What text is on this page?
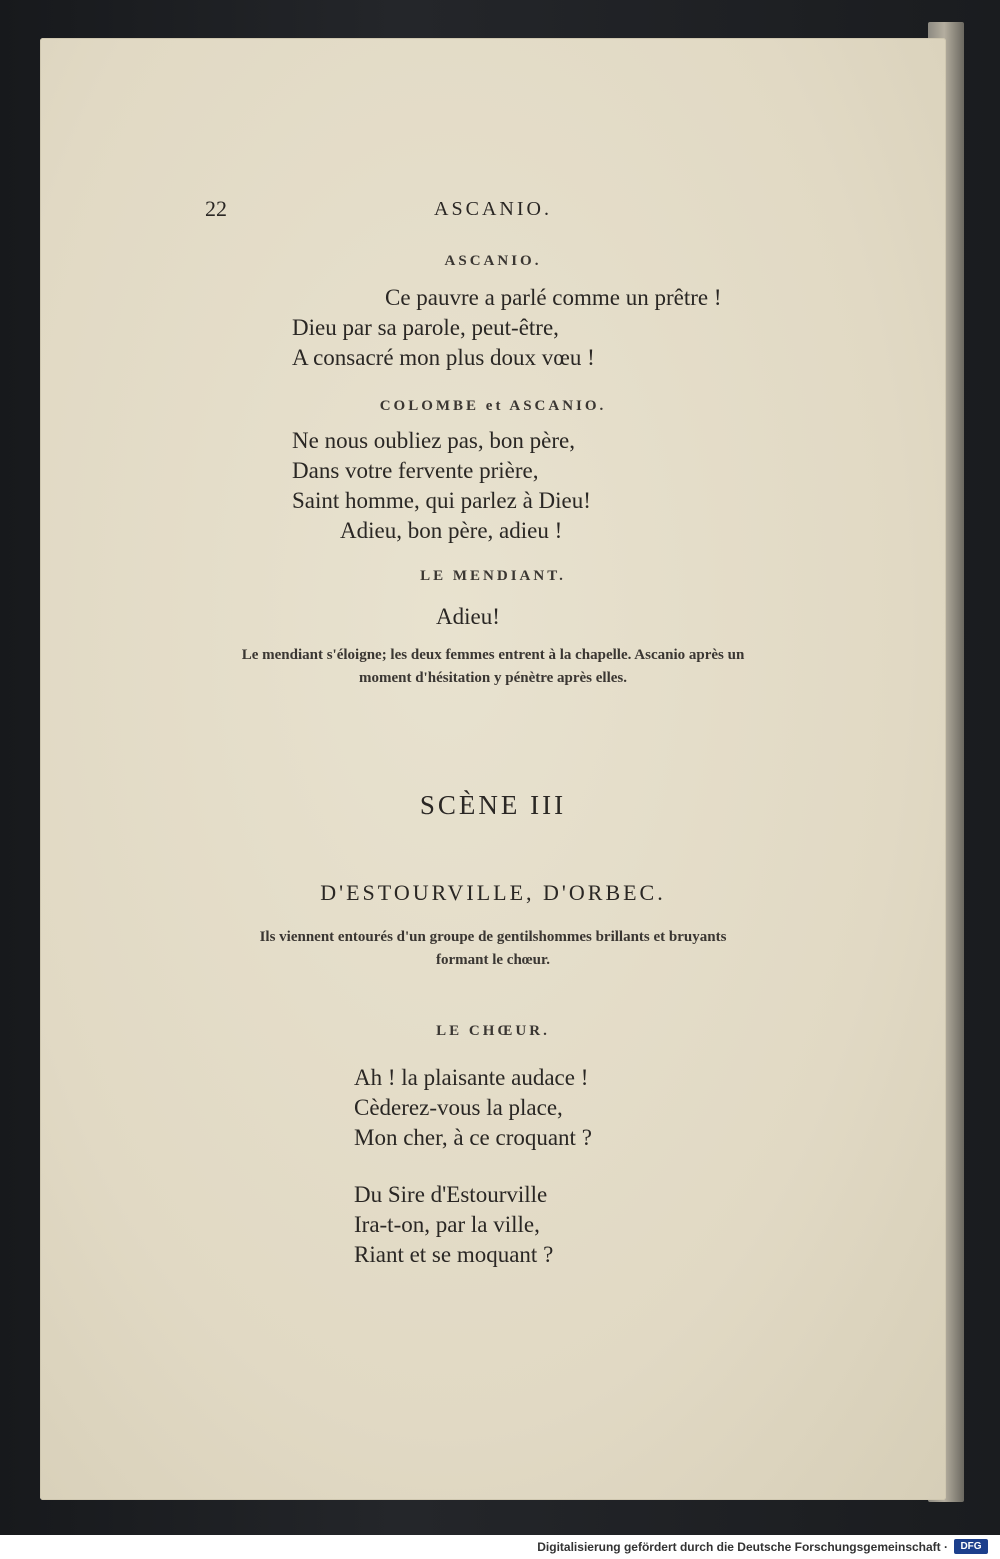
22	ASCANIO.
ASCANIO.
Ce pauvre a parlé comme un prêtre !
Dieu par sa parole, peut-être,
A consacré mon plus doux vœu !
COLOMBE et ASCANIO.
Ne nous oubliez pas, bon père,
Dans votre fervente prière,
Saint homme, qui parlez à Dieu!
Adieu, bon père, adieu !
LE MENDIANT.
Adieu!
Le mendiant s'éloigne; les deux femmes entrent à la chapelle. Ascanio après un
moment d'hésitation y pénètre après elles.
SCÈNE III
D'ESTOURVILLE, D'ORBEC.
Ils viennent entourés d'un groupe de gentilshommes brillants et bruyants
formant le chœur.
LE CHŒUR.
Ah ! la plaisante audace !
Cèderez-vous la place,
Mon cher, à ce croquant ?
Du Sire d'Estourville
Ira-t-on, par la ville,
Riant et se moquant ?
Digitalisierung gefördert durch die Deutsche Forschungsgemeinschaft ·	DFG
